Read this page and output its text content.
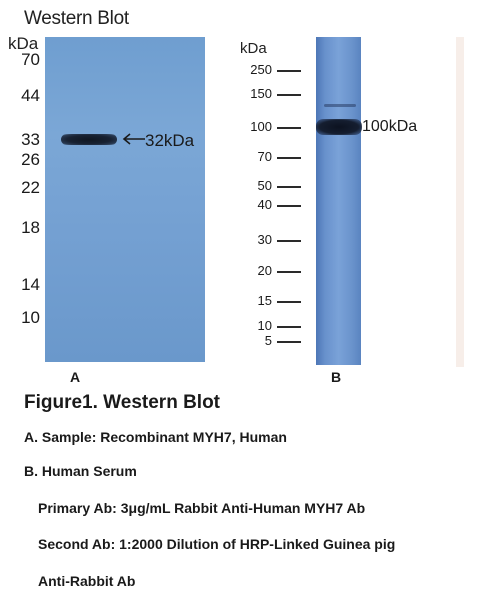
Western Blot
kDa
70
44
33
26
22
18
14
10
32kDa
A
kDa
250
150
100
70
50
40
30
20
15
10
5
100kDa
B
Figure1. Western Blot
A. Sample: Recombinant MYH7, Human
B. Human Serum
Primary Ab: 3μg/mL Rabbit Anti-Human MYH7 Ab
Second Ab: 1:2000 Dilution of HRP-Linked Guinea pig
Anti-Rabbit Ab
